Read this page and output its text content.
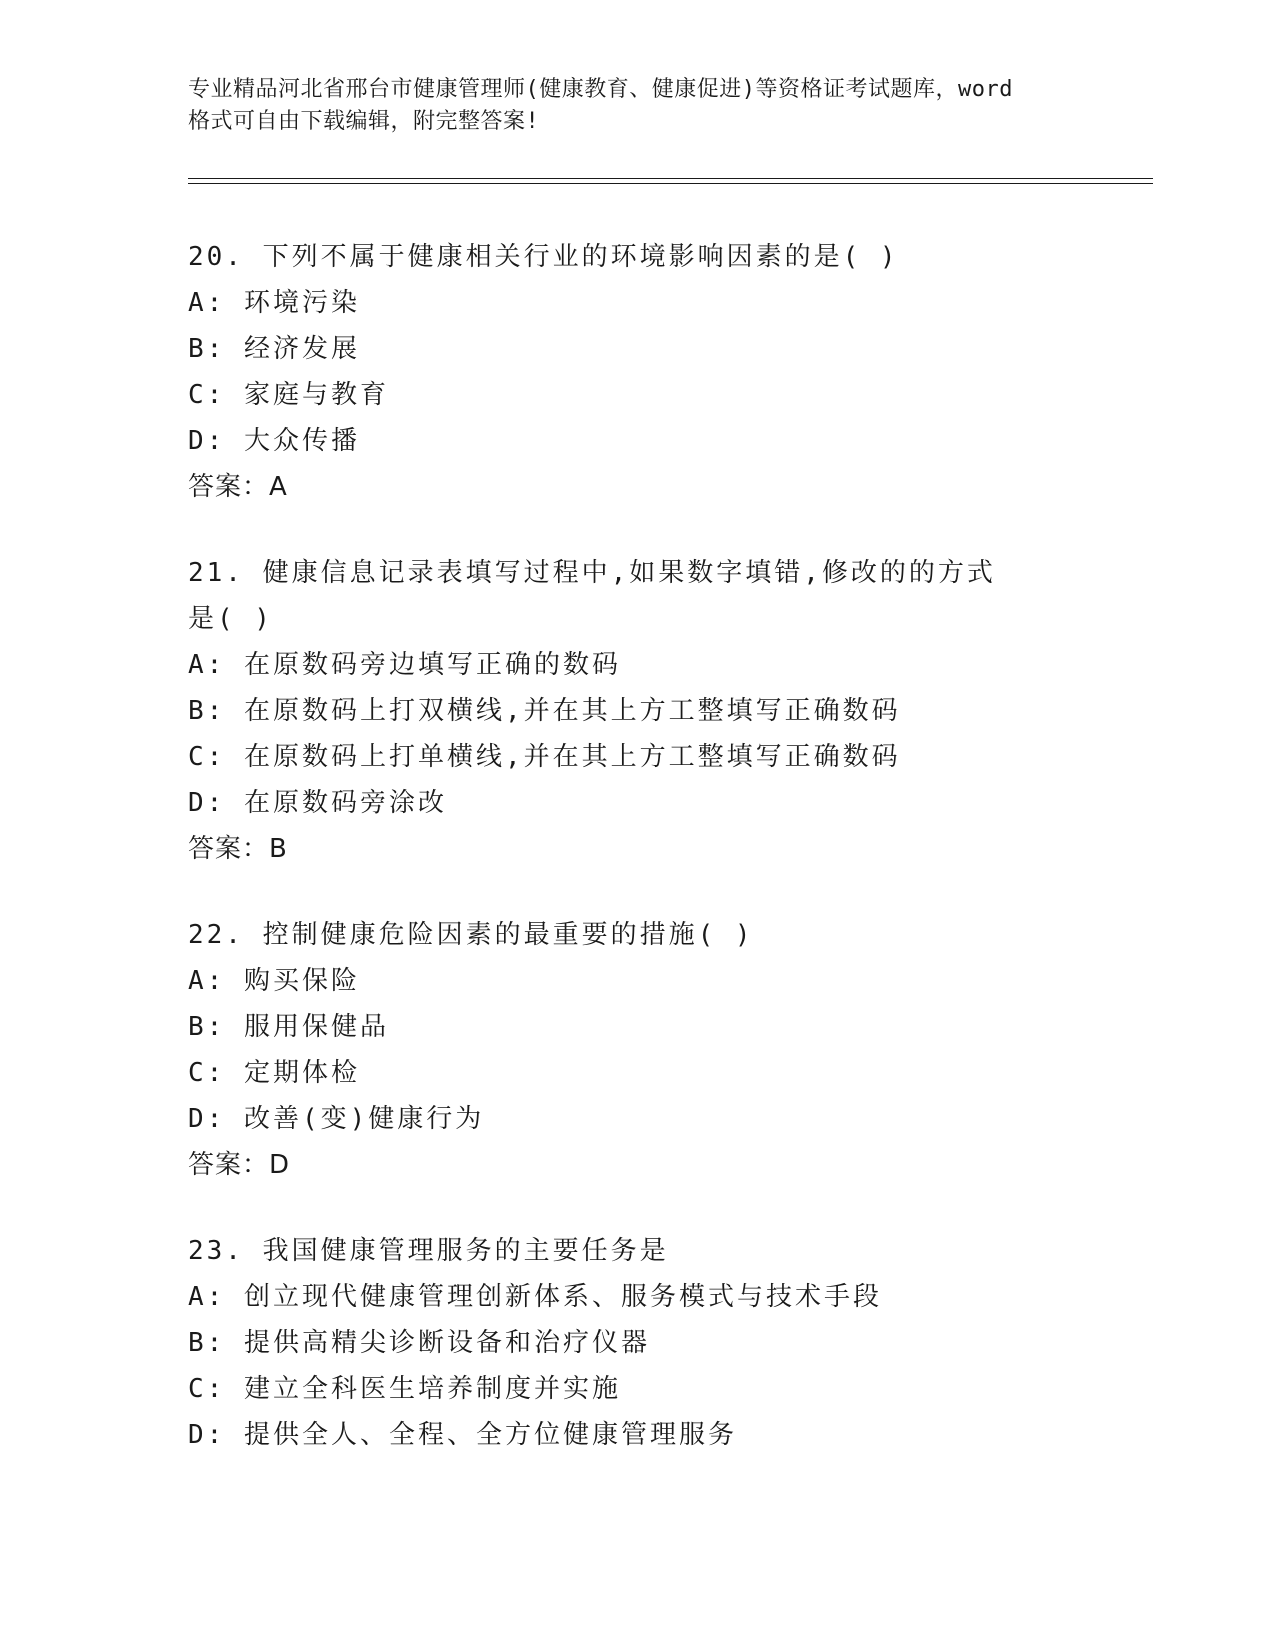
专业精品河北省邢台市健康管理师(健康教育、健康促进)等资格证考试题库，word
格式可自由下载编辑，附完整答案!
20. 下列不属于健康相关行业的环境影响因素的是( )
A: 环境污染
B: 经济发展
C: 家庭与教育
D: 大众传播
答案：A
21. 健康信息记录表填写过程中,如果数字填错,修改的的方式是( )
A: 在原数码旁边填写正确的数码
B: 在原数码上打双横线,并在其上方工整填写正确数码
C: 在原数码上打单横线,并在其上方工整填写正确数码
D: 在原数码旁涂改
答案：B
22. 控制健康危险因素的最重要的措施( )
A: 购买保险
B: 服用保健品
C: 定期体检
D: 改善(变)健康行为
答案：D
23. 我国健康管理服务的主要任务是
A: 创立现代健康管理创新体系、服务模式与技术手段
B: 提供高精尖诊断设备和治疗仪器
C: 建立全科医生培养制度并实施
D: 提供全人、全程、全方位健康管理服务
